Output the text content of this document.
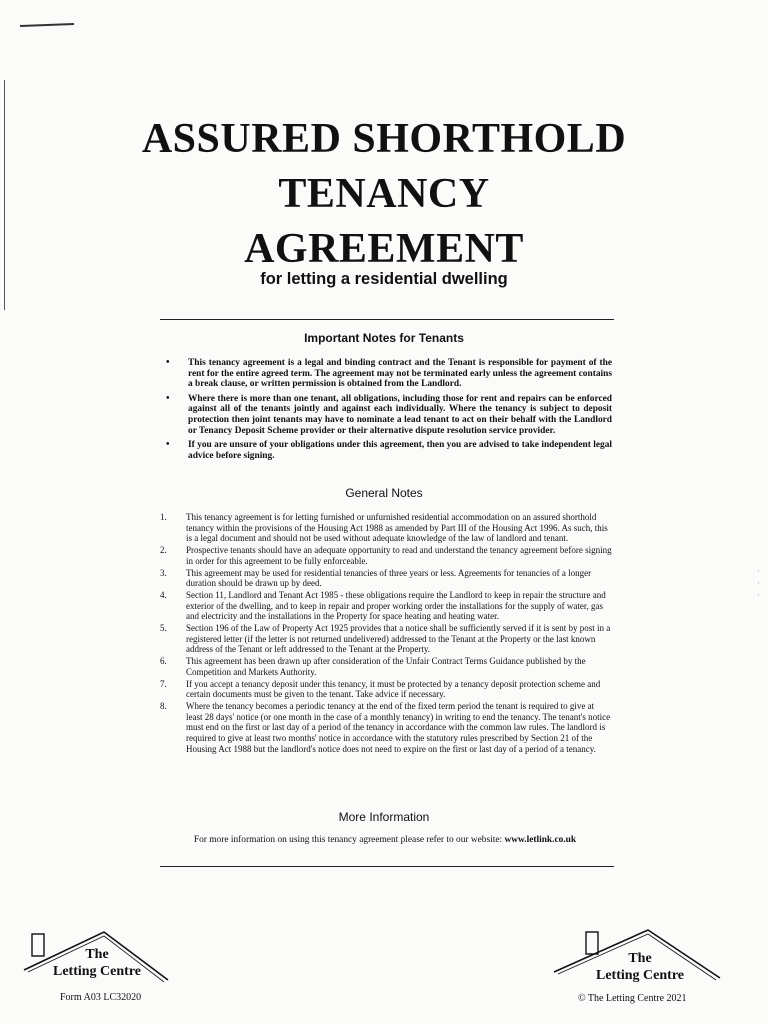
ASSURED SHORTHOLD
TENANCY
AGREEMENT
for letting a residential dwelling
Important Notes for Tenants
• This tenancy agreement is a legal and binding contract and the Tenant is responsible for payment of the rent for the entire agreed term. The agreement may not be terminated early unless the agreement contains a break clause, or written permission is obtained from the Landlord.
• Where there is more than one tenant, all obligations, including those for rent and repairs can be enforced against all of the tenants jointly and against each individually. Where the tenancy is subject to deposit protection then joint tenants may have to nominate a lead tenant to act on their behalf with the Landlord or Tenancy Deposit Scheme provider or their alternative dispute resolution service provider.
• If you are unsure of your obligations under this agreement, then you are advised to take independent legal advice before signing.
General Notes
1. This tenancy agreement is for letting furnished or unfurnished residential accommodation on an assured shorthold tenancy within the provisions of the Housing Act 1988 as amended by Part III of the Housing Act 1996. As such, this is a legal document and should not be used without adequate knowledge of the law of landlord and tenant.
2. Prospective tenants should have an adequate opportunity to read and understand the tenancy agreement before signing in order for this agreement to be fully enforceable.
3. This agreement may be used for residential tenancies of three years or less. Agreements for tenancies of a longer duration should be drawn up by deed.
4. Section 11, Landlord and Tenant Act 1985 - these obligations require the Landlord to keep in repair the structure and exterior of the dwelling, and to keep in repair and proper working order the installations for the supply of water, gas and electricity and the installations in the Property for space heating and heating water.
5. Section 196 of the Law of Property Act 1925 provides that a notice shall be sufficiently served if it is sent by post in a registered letter (if the letter is not returned undelivered) addressed to the Tenant at the Property or the last known address of the Tenant or left addressed to the Tenant at the Property.
6. This agreement has been drawn up after consideration of the Unfair Contract Terms Guidance published by the Competition and Markets Authority.
7. If you accept a tenancy deposit under this tenancy, it must be protected by a tenancy deposit protection scheme and certain documents must be given to the tenant. Take advice if necessary.
8. Where the tenancy becomes a periodic tenancy at the end of the fixed term period the tenant is required to give at least 28 days' notice (or one month in the case of a monthly tenancy) in writing to end the tenancy. The tenant's notice must end on the first or last day of a period of the tenancy in accordance with the common law rules. The landlord is required to give at least two months' notice in accordance with the statutory rules prescribed by Section 21 of the Housing Act 1988 but the landlord's notice does not need to expire on the first or last day of a period of a tenancy.
More Information
For more information on using this tenancy agreement please refer to our website: www.letlink.co.uk
·
·
·
The
Letting Centre
Form A03 LC32020
The
Letting Centre
© The Letting Centre 2021
